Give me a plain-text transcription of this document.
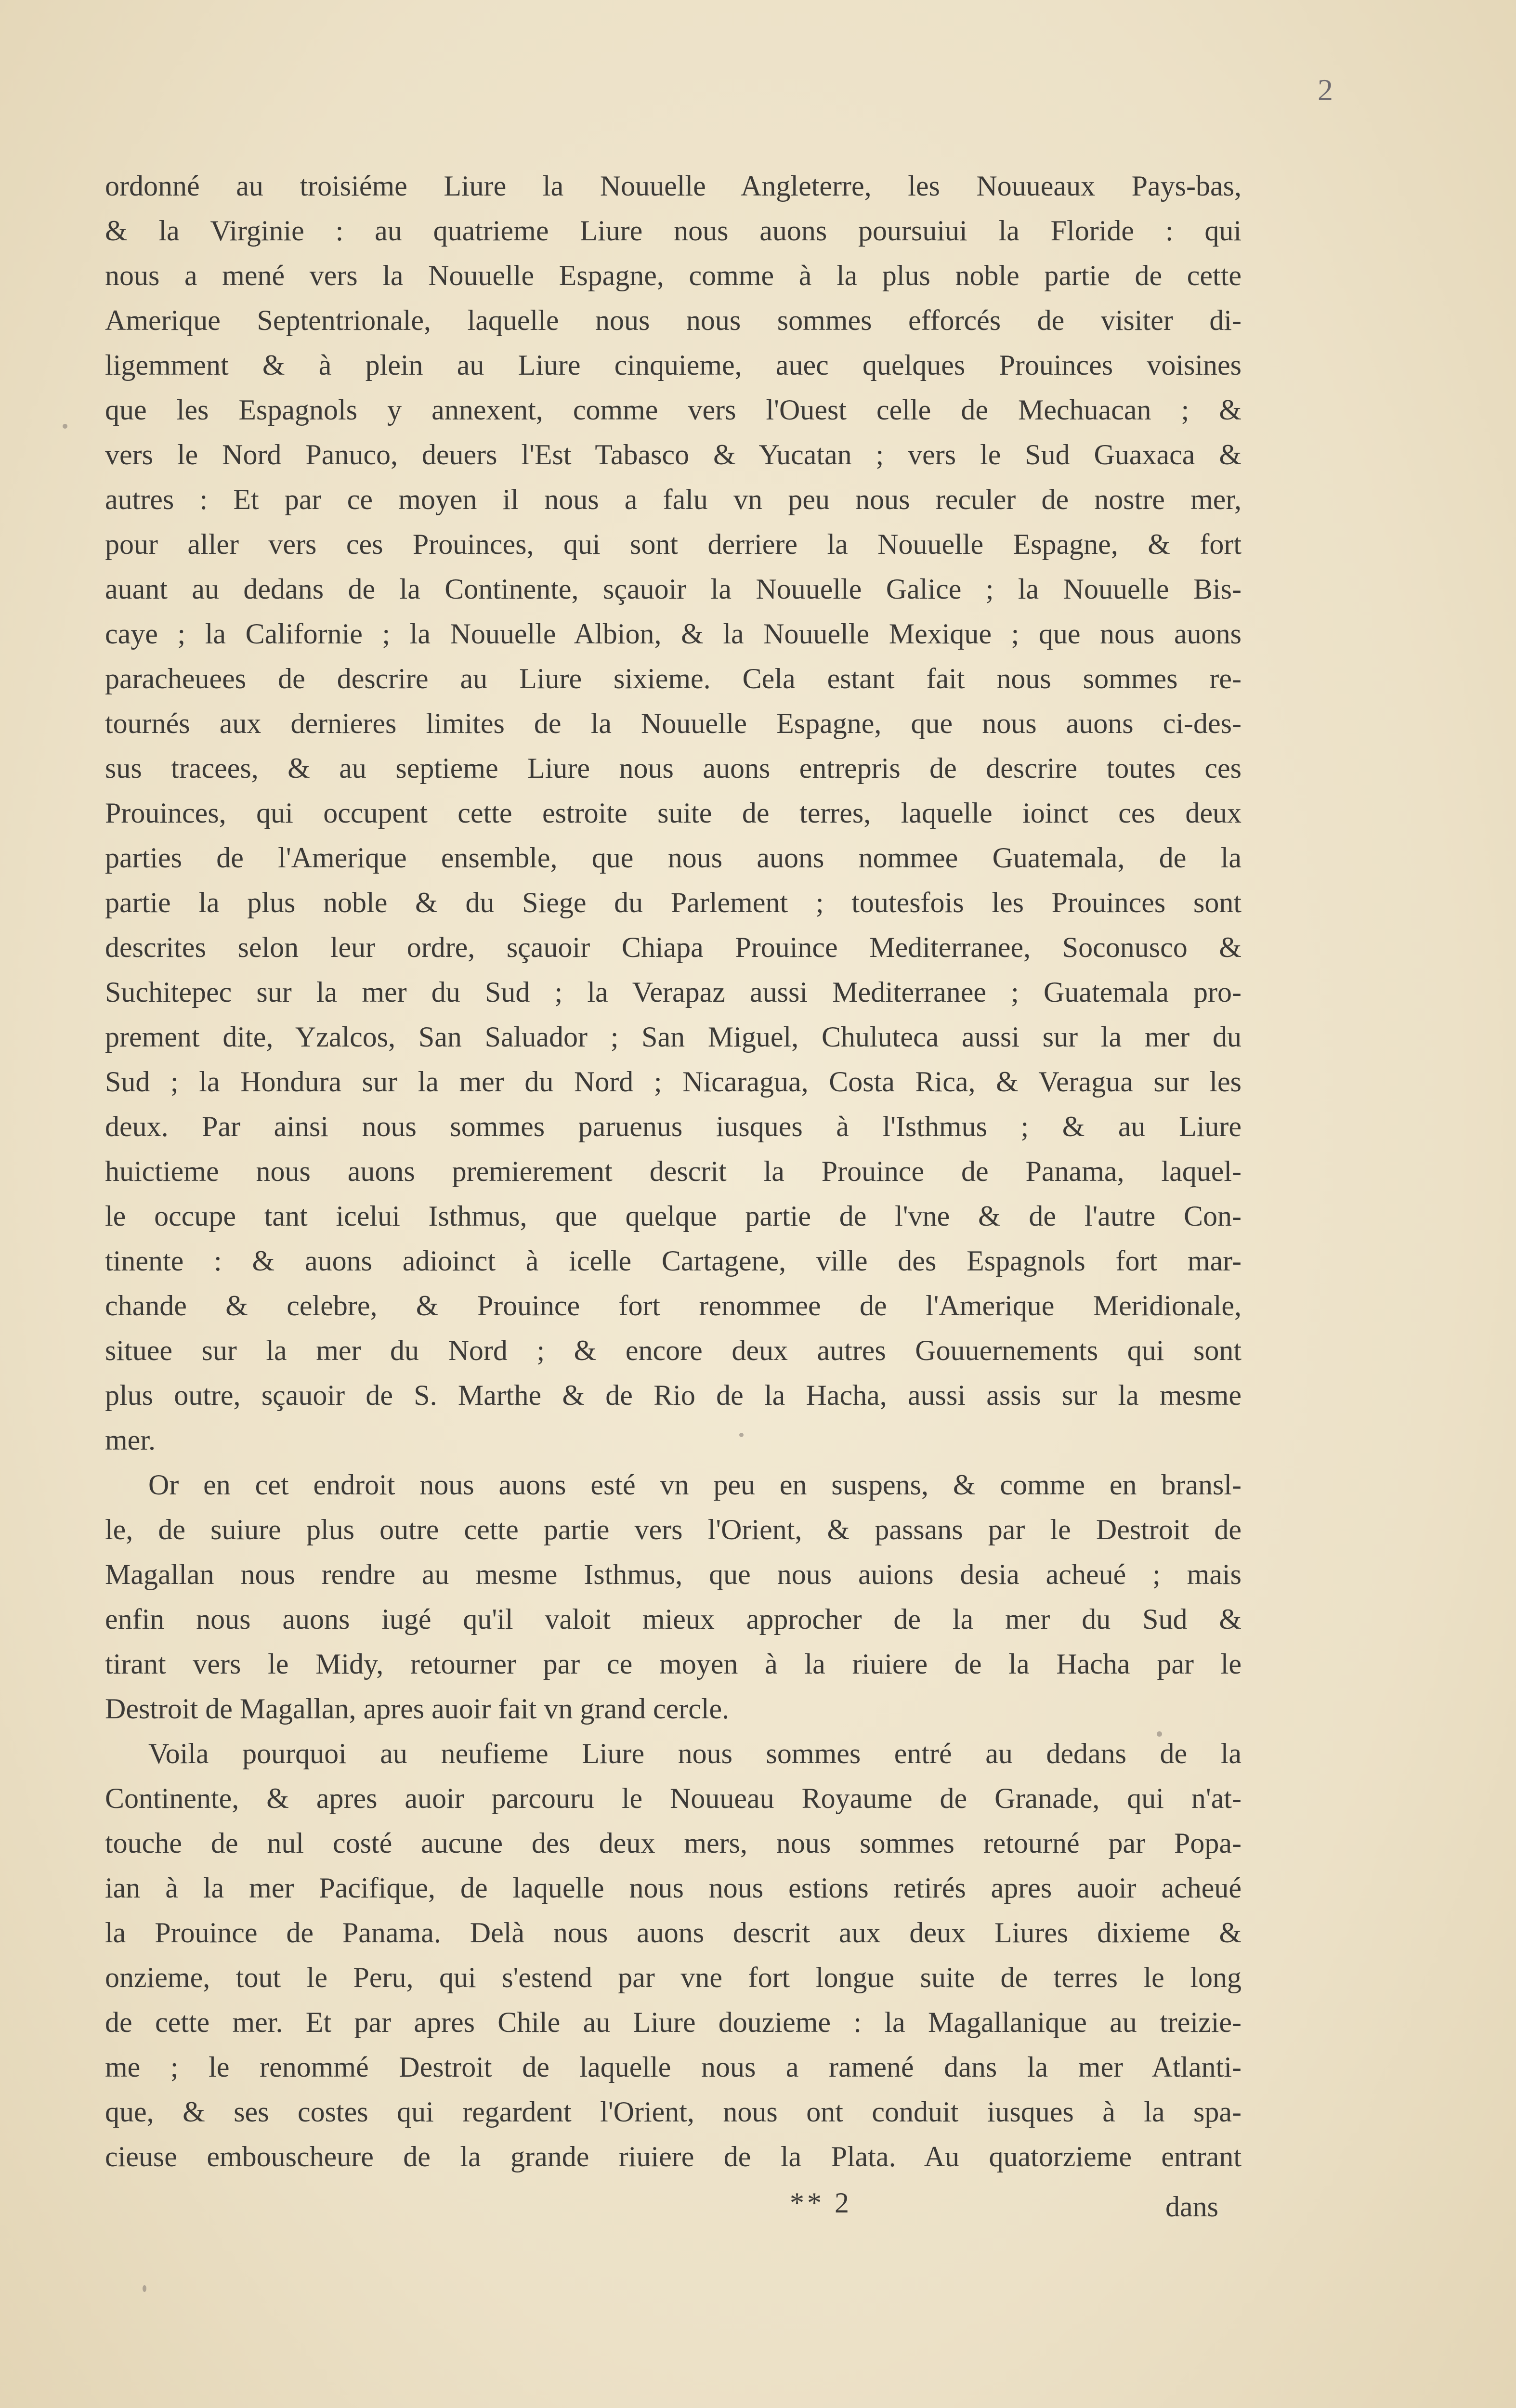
2
ordonné au troisiéme Liure la Nouuelle Angleterre, les Nouueaux Pays-bas,
& la Virginie : au quatrieme Liure nous auons poursuiui la Floride : qui
nous a mené vers la Nouuelle Espagne, comme à la plus noble partie de cette
Amerique Septentrionale, laquelle nous nous sommes efforcés de visiter di-
ligemment & à plein au Liure cinquieme, auec quelques Prouinces voisines
que les Espagnols y annexent, comme vers l'Ouest celle de Mechuacan ; &
vers le Nord Panuco, deuers l'Est Tabasco & Yucatan ; vers le Sud Guaxaca &
autres : Et par ce moyen il nous a falu vn peu nous reculer de nostre mer,
pour aller vers ces Prouinces, qui sont derriere la Nouuelle Espagne, & fort
auant au dedans de la Continente, sçauoir la Nouuelle Galice ; la Nouuelle Bis-
caye ; la Californie ; la Nouuelle Albion, & la Nouuelle Mexique ; que nous auons
paracheuees de descrire au Liure sixieme. Cela estant fait nous sommes re-
tournés aux dernieres limites de la Nouuelle Espagne, que nous auons ci-des-
sus tracees, & au septieme Liure nous auons entrepris de descrire toutes ces
Prouinces, qui occupent cette estroite suite de terres, laquelle ioinct ces deux
parties de l'Amerique ensemble, que nous auons nommee Guatemala, de la
partie la plus noble & du Siege du Parlement ; toutesfois les Prouinces sont
descrites selon leur ordre, sçauoir Chiapa Prouince Mediterranee, Soconusco &
Suchitepec sur la mer du Sud ; la Verapaz aussi Mediterranee ; Guatemala pro-
prement dite, Yzalcos, San Saluador ; San Miguel, Chuluteca aussi sur la mer du
Sud ; la Hondura sur la mer du Nord ; Nicaragua, Costa Rica, & Veragua sur les
deux. Par ainsi nous sommes paruenus iusques à l'Isthmus ; & au Liure
huictieme nous auons premierement descrit la Prouince de Panama, laquel-
le occupe tant icelui Isthmus, que quelque partie de l'vne & de l'autre Con-
tinente : & auons adioinct à icelle Cartagene, ville des Espagnols fort mar-
chande & celebre, & Prouince fort renommee de l'Amerique Meridionale,
situee sur la mer du Nord ; & encore deux autres Gouuernements qui sont
plus outre, sçauoir de S. Marthe & de Rio de la Hacha, aussi assis sur la mesme
mer.
Or en cet endroit nous auons esté vn peu en suspens, & comme en bransl-
le, de suiure plus outre cette partie vers l'Orient, & passans par le Destroit de
Magallan nous rendre au mesme Isthmus, que nous auions desia acheué ; mais
enfin nous auons iugé qu'il valoit mieux approcher de la mer du Sud &
tirant vers le Midy, retourner par ce moyen à la riuiere de la Hacha par le
Destroit de Magallan, apres auoir fait vn grand cercle.
Voila pourquoi au neufieme Liure nous sommes entré au dedans de la
Continente, & apres auoir parcouru le Nouueau Royaume de Granade, qui n'at-
touche de nul costé aucune des deux mers, nous sommes retourné par Popa-
ian à la mer Pacifique, de laquelle nous nous estions retirés apres auoir acheué
la Prouince de Panama. Delà nous auons descrit aux deux Liures dixieme &
onzieme, tout le Peru, qui s'estend par vne fort longue suite de terres le long
de cette mer. Et par apres Chile au Liure douzieme : la Magallanique au treizie-
me ; le renommé Destroit de laquelle nous a ramené dans la mer Atlanti-
que, & ses costes qui regardent l'Orient, nous ont conduit iusques à la spa-
cieuse embouscheure de la grande riuiere de la Plata. Au quatorzieme entrant
** 2	dans
